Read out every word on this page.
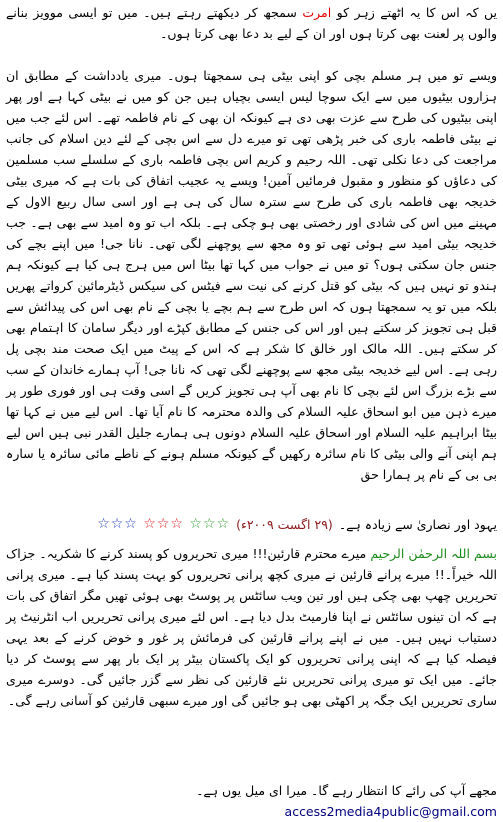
یں کہ اس کا یہ اٹھتے زہر کو امرت سمجھ کر دیکھتے رہتے ہیں۔ میں تو ایسی موویز بنانے والوں پر لعنت بھی کرتا ہوں اور ان کے لیے بد دعا بھی کرتا ہوں۔

ویسے تو میں ہر مسلم بچی کو اپنی بیٹی ہی سمجھتا ہوں۔ میری یادداشت کے مطابق ان ہزاروں بیٹیوں میں سے ایک سوچا لیس ایسی بچیاں ہیں جن کو میں نے بیٹی کہا ہے اور پھر اپنی بیٹیوں کی طرح سے عزت بھی دی ہے کیونکہ ان بھی کے نام فاطمہ تھے۔ اس لئے جب میں نے بیٹی فاطمہ باری کی خبر پڑھی تھی تو میرے دل سے اس بچی کے لئے دین اسلام کی جانب مراجعت کی دعا نکلی تھی۔ اللہ رحیم و کریم اس بچی فاطمہ باری کے سلسلے سب مسلمین کی دعاؤں کو منظور و مقبول فرمائیں آمین! ویسے یہ عجیب اتفاق کی بات ہے کہ میری بیٹی خدیجہ بھی فاطمہ باری کی طرح سے سترہ سال کی ہی ہے اور اسی سال ربیع الاول کے مہینے میں اس کی شادی اور رخصتی بھی ہو چکی ہے۔ بلکہ اب تو وہ امید سے بھی ہے۔ جب خدیجہ بیٹی امید سے ہوئی تھی تو وہ مجھ سے پوچھنے لگی تھی۔ نانا جی! میں اپنے بچے کی جنس جان سکتی ہوں؟ تو میں نے جواب میں کہا تھا بیٹا اس میں ہرج ہی کیا ہے کیونکہ ہم ہندو تو نہیں ہیں کہ بیٹی کو قتل کرنے کی نیت سے فیٹس کی سیکس ڈیٹرمائین کرواتے پھریں بلکہ میں تو یہ سمجھتا ہوں کہ اس طرح سے ہم بچے یا بچی کے نام بھی اس کی پیدائش سے قبل ہی تجویز کر سکتے ہیں اور اس کی جنس کے مطابق کپڑے اور دیگر سامان کا اہتمام بھی کر سکتے ہیں۔ اللہ مالک اور خالق کا شکر ہے کہ اس کے پیٹ میں ایک صحت مند بچی پل رہی ہے۔ اس لیے خدیجہ بیٹی مجھ سے پوچھنے لگی تھی کہ نانا جی! آپ ہمارے خاندان کے سب سے بڑے بزرگ اس لئے بچی کا نام بھی آپ ہی تجویز کریں گے اسی وقت ہی اور فوری طور پر میرے ذہن میں ابو اسحاق علیہ السلام کی والدہ محترمہ کا نام آیا تھا۔ اس لیے میں نے کہا تھا بیٹا ابراہیم علیہ السلام اور اسحاق علیہ السلام دونوں ہی ہمارے جلیل القدر نبی ہیں اس لیے ہم اپنی آنے والی بیٹی کا نام سائرہ رکھیں گے کیونکہ مسلم ہونے کے ناطے مائی سائرہ یا سارہ بی بی کے نام پر ہمارا حق

یہود اور نصاریٰ سے زیادہ ہے۔
(۲۹ اگست ۲۰۰۹ء)
☆☆☆ ☆☆☆ ☆☆☆

بسم اللہ الرحمٰن الرحیم میرے محترم قارئین!!! میری تحریروں کو پسند کرنے کا شکریہ۔ جزاک اللہ خیراً۔!! میرے پرانے قارئین نے میری کچھ پرانی تحریروں کو بہت پسند کیا ہے۔ میری پرانی تحریریں چھپ بھی چکی ہیں اور تین ویب سائٹس پر پوسٹ بھی ہوئی تھیں مگر اتفاق کی بات ہے کہ ان تینوں سائٹس نے اپنا فارمیٹ بدل دیا ہے۔ اس لئے میری پرانی تحریریں اب انٹرنیٹ پر دستیاب نہیں ہیں۔ میں نے اپنے پرانے قارئین کی فرمائش پر غور و خوض کرنے کے بعد یہی فیصلہ کیا ہے کہ اپنی پرانی تحریروں کو ایک پاکستان بیٹر پر ایک بار پھر سے پوسٹ کر دیا جائے۔ میں ایک تو میری پرانی تحریریں نئے قارئین کی نظر سے گزر جائیں گی۔ دوسرے میری ساری تحریریں ایک جگہ پر اکھٹی بھی ہو جائیں گی اور میرے سبھی قارئین کو آسانی رہے گی۔

مجھے آپ کی رائے کا انتظار رہے گا۔ میرا ای میل یوں ہے۔ access2media4public@gmail.com
